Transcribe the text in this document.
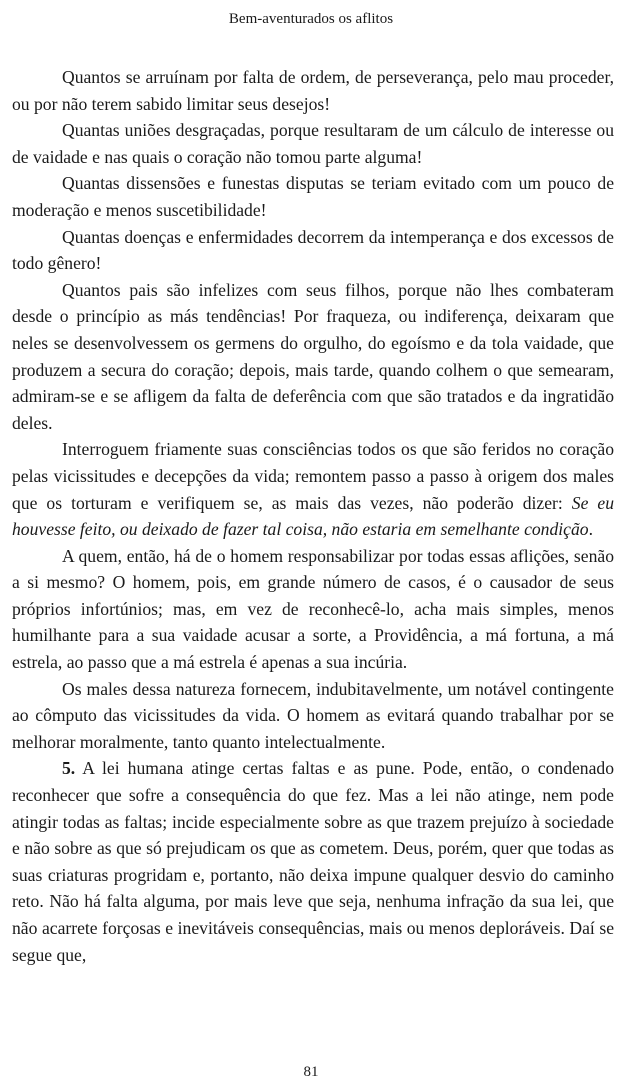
Bem-aventurados os aflitos

Quantos se arruínam por falta de ordem, de perseverança, pelo mau proceder, ou por não terem sabido limitar seus desejos!

Quantas uniões desgraçadas, porque resultaram de um cálculo de interesse ou de vaidade e nas quais o coração não tomou parte alguma!

Quantas dissensões e funestas disputas se teriam evitado com um pouco de moderação e menos suscetibilidade!

Quantas doenças e enfermidades decorrem da intemperança e dos excessos de todo gênero!

Quantos pais são infelizes com seus filhos, porque não lhes combateram desde o princípio as más tendências! Por fraqueza, ou indiferença, deixaram que neles se desenvolvessem os germens do orgulho, do egoísmo e da tola vaidade, que produzem a secura do coração; depois, mais tarde, quando colhem o que semearam, admiram-se e se afligem da falta de deferência com que são tratados e da ingratidão deles.

Interroguem friamente suas consciências todos os que são feridos no coração pelas vicissitudes e decepções da vida; remontem passo a passo à origem dos males que os torturam e verifiquem se, as mais das vezes, não poderão dizer: Se eu houvesse feito, ou deixado de fazer tal coisa, não estaria em semelhante condição.

A quem, então, há de o homem responsabilizar por todas essas aflições, senão a si mesmo? O homem, pois, em grande número de casos, é o causador de seus próprios infortúnios; mas, em vez de reconhecê-lo, acha mais simples, menos humilhante para a sua vaidade acusar a sorte, a Providência, a má fortuna, a má estrela, ao passo que a má estrela é apenas a sua incúria.

Os males dessa natureza fornecem, indubitavelmente, um notável contingente ao cômputo das vicissitudes da vida. O homem as evitará quando trabalhar por se melhorar moralmente, tanto quanto intelectualmente.

5. A lei humana atinge certas faltas e as pune. Pode, então, o condenado reconhecer que sofre a consequência do que fez. Mas a lei não atinge, nem pode atingir todas as faltas; incide especialmente sobre as que trazem prejuízo à sociedade e não sobre as que só prejudicam os que as cometem. Deus, porém, quer que todas as suas criaturas progridam e, portanto, não deixa impune qualquer desvio do caminho reto. Não há falta alguma, por mais leve que seja, nenhuma infração da sua lei, que não acarrete forçosas e inevitáveis consequências, mais ou menos deploráveis. Daí se segue que,

81
